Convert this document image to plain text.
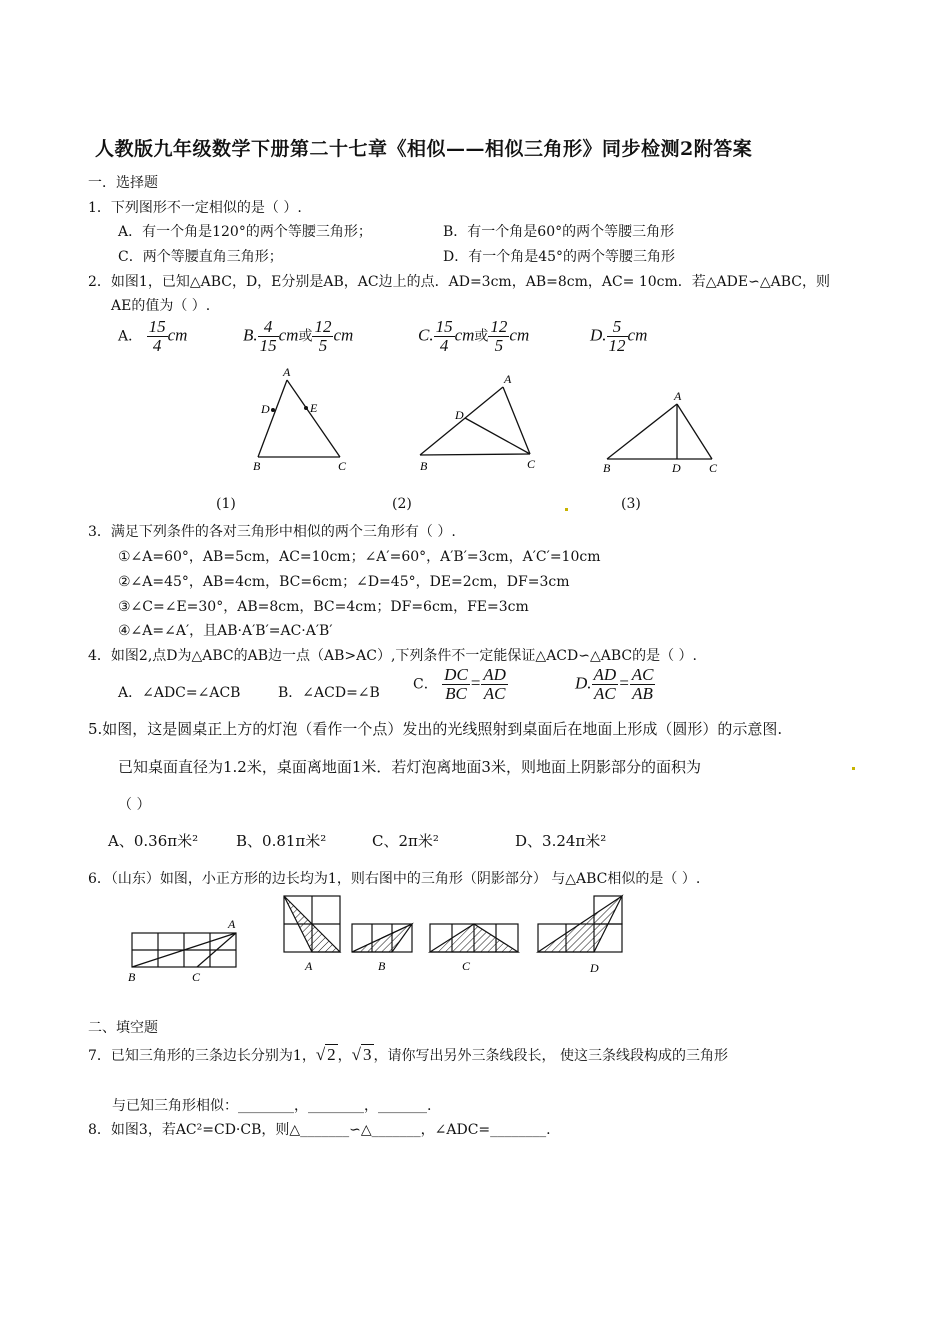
人教版九年级数学下册第二十七章《相似——相似三角形》同步检测2附答案
一．选择题
1．下列图形不一定相似的是（ ）.
A．有一个角是120°的两个等腰三角形；	B．有一个角是60°的两个等腰三角形
C．两个等腰直角三角形；	D．有一个角是45°的两个等腰三角形
2．如图1，已知△ABC，D，E分别是AB，AC边上的点．AD=3cm，AB=8cm，AC= 10cm．若△ADE∽△ABC，则
AE的值为（ ）.
A． $\frac{15}{4}$ cm	B. $\frac{4}{15}$ cm或 $\frac{12}{5}$ cm	C. $\frac{15}{4}$ cm或 $\frac{12}{5}$ cm	D. $\frac{5}{12}$ cm
A
D	E
B	C
A
D
B	C
A
B	D C
(1)	(2)	(3)
3．满足下列条件的各对三角形中相似的两个三角形有（ ）.
①∠A=60°，AB=5cm，AC=10cm；∠A′=60°，A′B′=3cm，A′C′=10cm
②∠A=45°，AB=4cm，BC=6cm；∠D=45°，DE=2cm，DF=3cm
③∠C=∠E=30°，AB=8cm，BC=4cm；DF=6cm，FE=3cm
④∠A=∠A′，且AB·A′B′=AC·A′B′
4．如图2,点D为△ABC的AB边一点（AB>AC）,下列条件不一定能保证△ACD∽△ABC的是（ ）.
A．∠ADC=∠ACB	B．∠ACD=∠B
C． $\frac{DC}{BC} = \frac{AD}{AC}$	D. $\frac{AD}{AC} = \frac{AC}{AB}$
5.如图，这是圆桌正上方的灯泡（看作一个点）发出的光线照射到桌面后在地面上形成（圆形）的示意图.
已知桌面直径为1.2米，桌面离地面1米．若灯泡离地面3米，则地面上阴影部分的面积为
（ ）
A、0.36π米²	B、0.81π米²	C、2π米²	D、3.24π米²
6．（山东）如图，小正方形的边长均为1，则右图中的三角形（阴影部分） 与△ABC相似的是（ ）.
A
B	C
A	B	C	D
二、填空题
7．已知三角形的三条边长分别为1，√ 2 ，√ 3 ，请你写出另外三条线段长， 使这三条线段构成的三角形
与已知三角形相似：________，________，_______.
8．如图3，若AC²=CD·CB，则△_______∽△_______，∠ADC=________.
